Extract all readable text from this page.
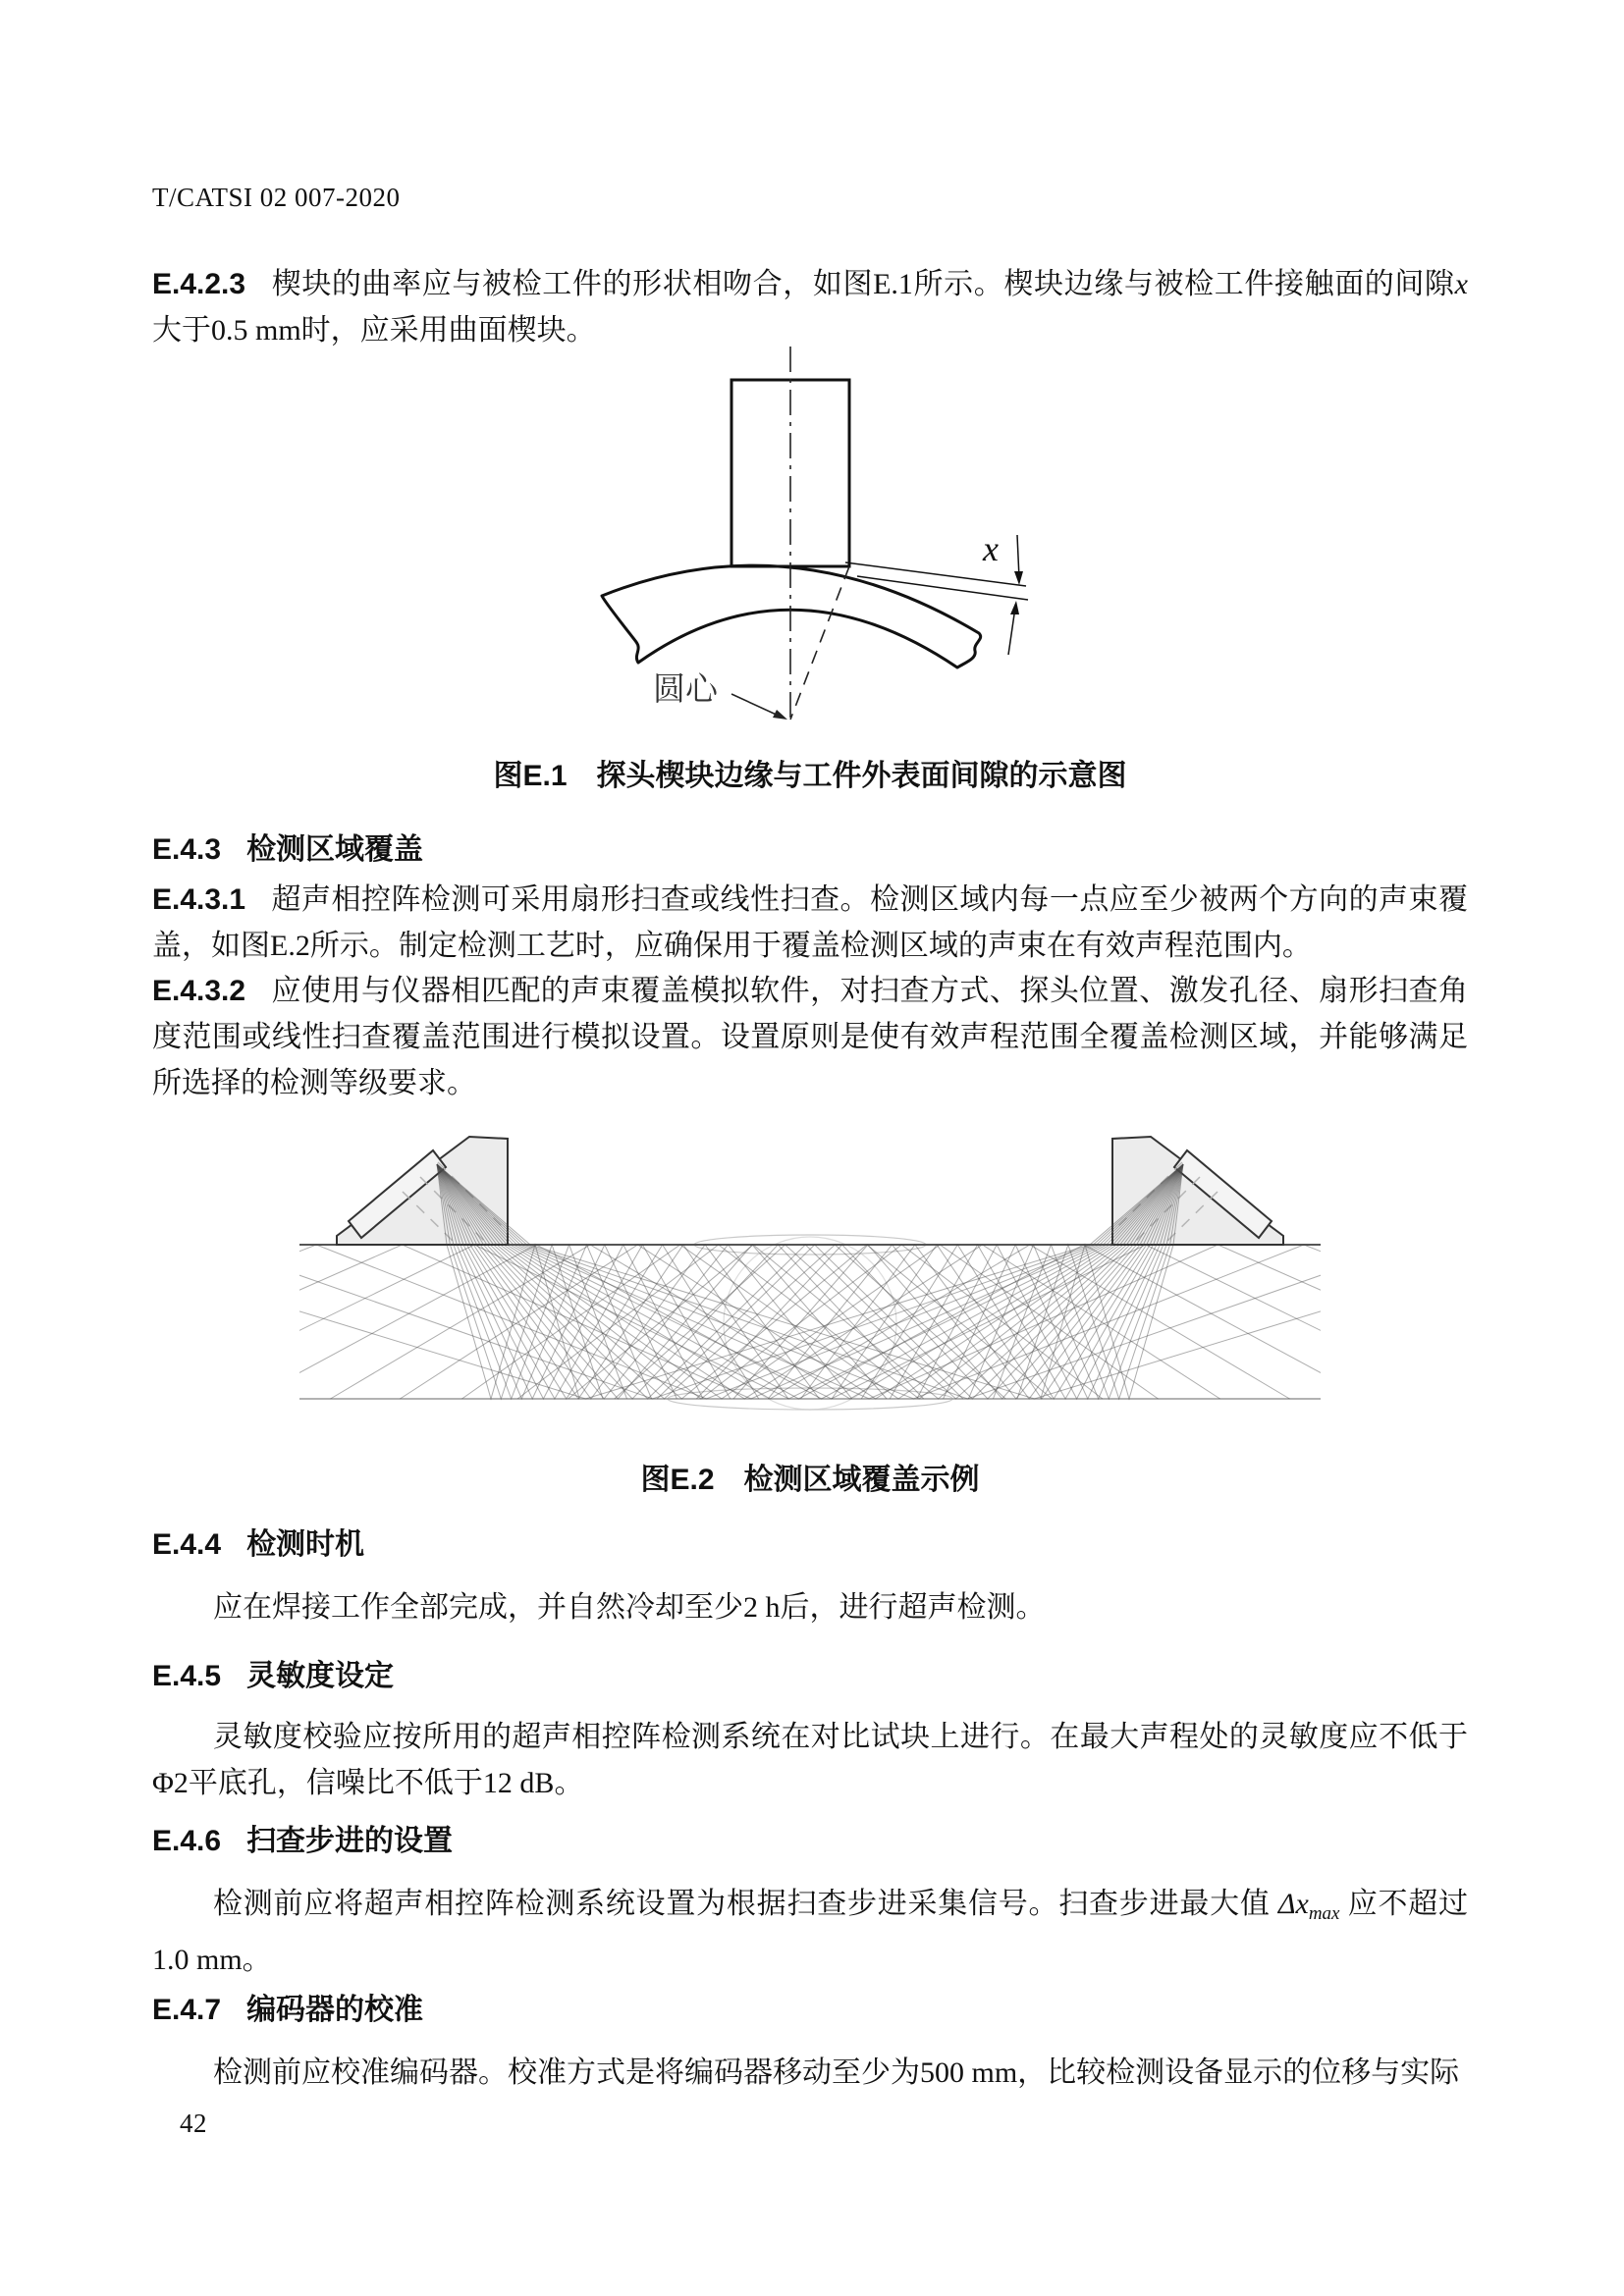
T/CATSI 02 007-2020

E.4.2.3 楔块的曲率应与被检工件的形状相吻合，如图E.1所示。楔块边缘与被检工件接触面的间隙x大于0.5 mm时，应采用曲面楔块。

x
圆心
图E.1　探头楔块边缘与工件外表面间隙的示意图
E.4.3 检测区域覆盖

E.4.3.1 超声相控阵检测可采用扇形扫查或线性扫查。检测区域内每一点应至少被两个方向的声束覆盖，如图E.2所示。制定检测工艺时，应确保用于覆盖检测区域的声束在有效声程范围内。

E.4.3.2 应使用与仪器相匹配的声束覆盖模拟软件，对扫查方式、探头位置、激发孔径、扇形扫查角度范围或线性扫查覆盖范围进行模拟设置。设置原则是使有效声程范围全覆盖检测区域，并能够满足所选择的检测等级要求。

图E.2　检测区域覆盖示例
E.4.4 检测时机

应在焊接工作全部完成，并自然冷却至少2 h后，进行超声检测。

E.4.5 灵敏度设定

灵敏度校验应按所用的超声相控阵检测系统在对比试块上进行。在最大声程处的灵敏度应不低于Φ2平底孔，信噪比不低于12 dB。

E.4.6 扫查步进的设置

检测前应将超声相控阵检测系统设置为根据扫查步进采集信号。扫查步进最大值 $\Delta x_{max}$ 应不超过1.0 mm。

E.4.7 编码器的校准

检测前应校准编码器。校准方式是将编码器移动至少为500 mm，比较检测设备显示的位移与实际

42
